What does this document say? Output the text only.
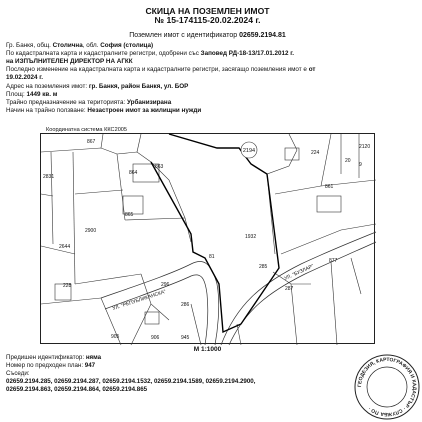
СКИЦА НА ПОЗЕМЛЕН ИМОТ
№ 15-174115-20.02.2024 г.
Поземлен имот с идентификатор 02659.2194.81
Гр. Банкя, общ. Столична, обл. София (столица)
По кадастралната карта и кадастралните регистри, одобрени със Заповед РД-18-13/17.01.2012 г.
на ИЗПЪЛНИТЕЛЕН ДИРЕКТОР НА АГКК
Последно изменение на кадастралната карта и кадастралните регистри, засягащо поземления имот е от
19.02.2024 г.
Адрес на поземления имот: гр. Банкя, район Банкя, ул. БОР
Площ: 1449 кв. м
Трайно предназначение на територията: Урбанизирана
Начин на трайно ползване: Незастроен имот за жилищни нужди
Координатна система ККС2005
2194
867
864
863
865
2900
2644
228
81
1932
2831
861
877
296
286
285
287
224
2120
20
9
905	906	945
УЛ. "РЕПУБЛИКАНСКА"
УЛ. "БУЗЛАР"
М 1:1000
Предишен идентификатор: няма
Номер по предходен план: 947
Съседи:
02659.2194.285, 02659.2194.287, 02659.2194.1532, 02659.2194.1589, 02659.2194.2900,
02659.2194.863, 02659.2194.864, 02659.2194.865
ГЕОДЕЗИЯ, КАРТОГРАФИЯ И КАДАСТЪР · СЛУЖБА ПО ·
